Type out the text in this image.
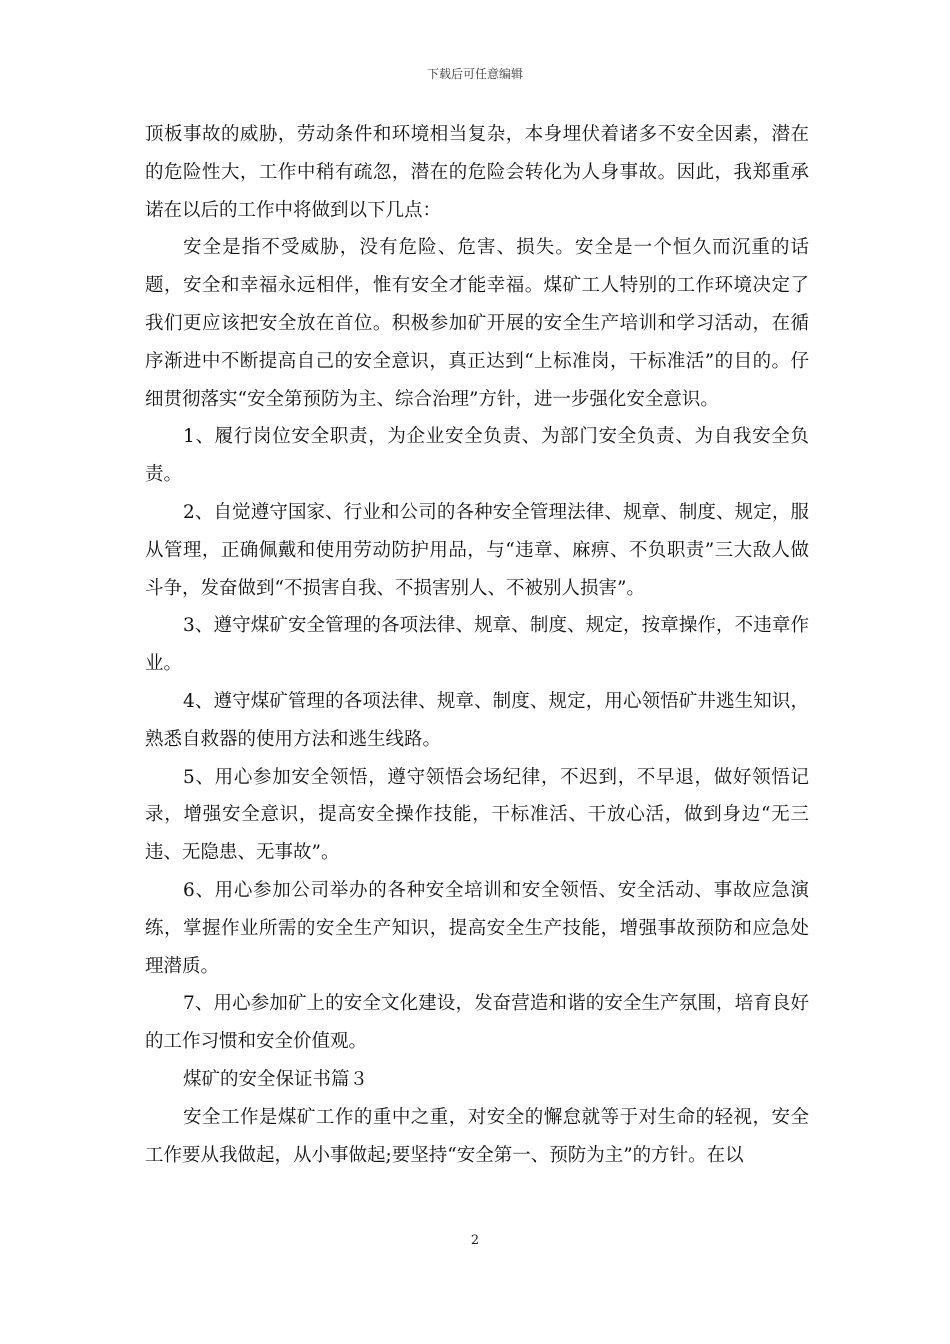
下载后可任意编辑

顶板事故的威胁，劳动条件和环境相当复杂，本身埋伏着诸多不安全因素，潜在的危险性大，工作中稍有疏忽，潜在的危险会转化为人身事故。因此，我郑重承诺在以后的工作中将做到以下几点：

安全是指不受威胁，没有危险、危害、损失。安全是一个恒久而沉重的话题，安全和幸福永远相伴，惟有安全才能幸福。煤矿工人特别的工作环境决定了我们更应该把安全放在首位。积极参加矿开展的安全生产培训和学习活动，在循序渐进中不断提高自己的安全意识，真正达到“上标准岗，干标准活”的目的。仔细贯彻落实“安全第预防为主、综合治理”方针，进一步强化安全意识。

1、履行岗位安全职责，为企业安全负责、为部门安全负责、为自我安全负责。

2、自觉遵守国家、行业和公司的各种安全管理法律、规章、制度、规定，服从管理，正确佩戴和使用劳动防护用品，与“违章、麻痹、不负职责”三大敌人做斗争，发奋做到“不损害自我、不损害别人、不被别人损害”。

3、遵守煤矿安全管理的各项法律、规章、制度、规定，按章操作，不违章作业。

4、遵守煤矿管理的各项法律、规章、制度、规定，用心领悟矿井逃生知识，熟悉自救器的使用方法和逃生线路。

5、用心参加安全领悟，遵守领悟会场纪律，不迟到，不早退，做好领悟记录，增强安全意识，提高安全操作技能，干标准活、干放心活，做到身边“无三违、无隐患、无事故”。

6、用心参加公司举办的各种安全培训和安全领悟、安全活动、事故应急演练，掌握作业所需的安全生产知识，提高安全生产技能，增强事故预防和应急处理潜质。

7、用心参加矿上的安全文化建设，发奋营造和谐的安全生产氛围，培育良好的工作习惯和安全价值观。

煤矿的安全保证书篇３

安全工作是煤矿工作的重中之重，对安全的懈怠就等于对生命的轻视，安全工作要从我做起，从小事做起;要坚持“安全第一、预防为主”的方针。在以

2
